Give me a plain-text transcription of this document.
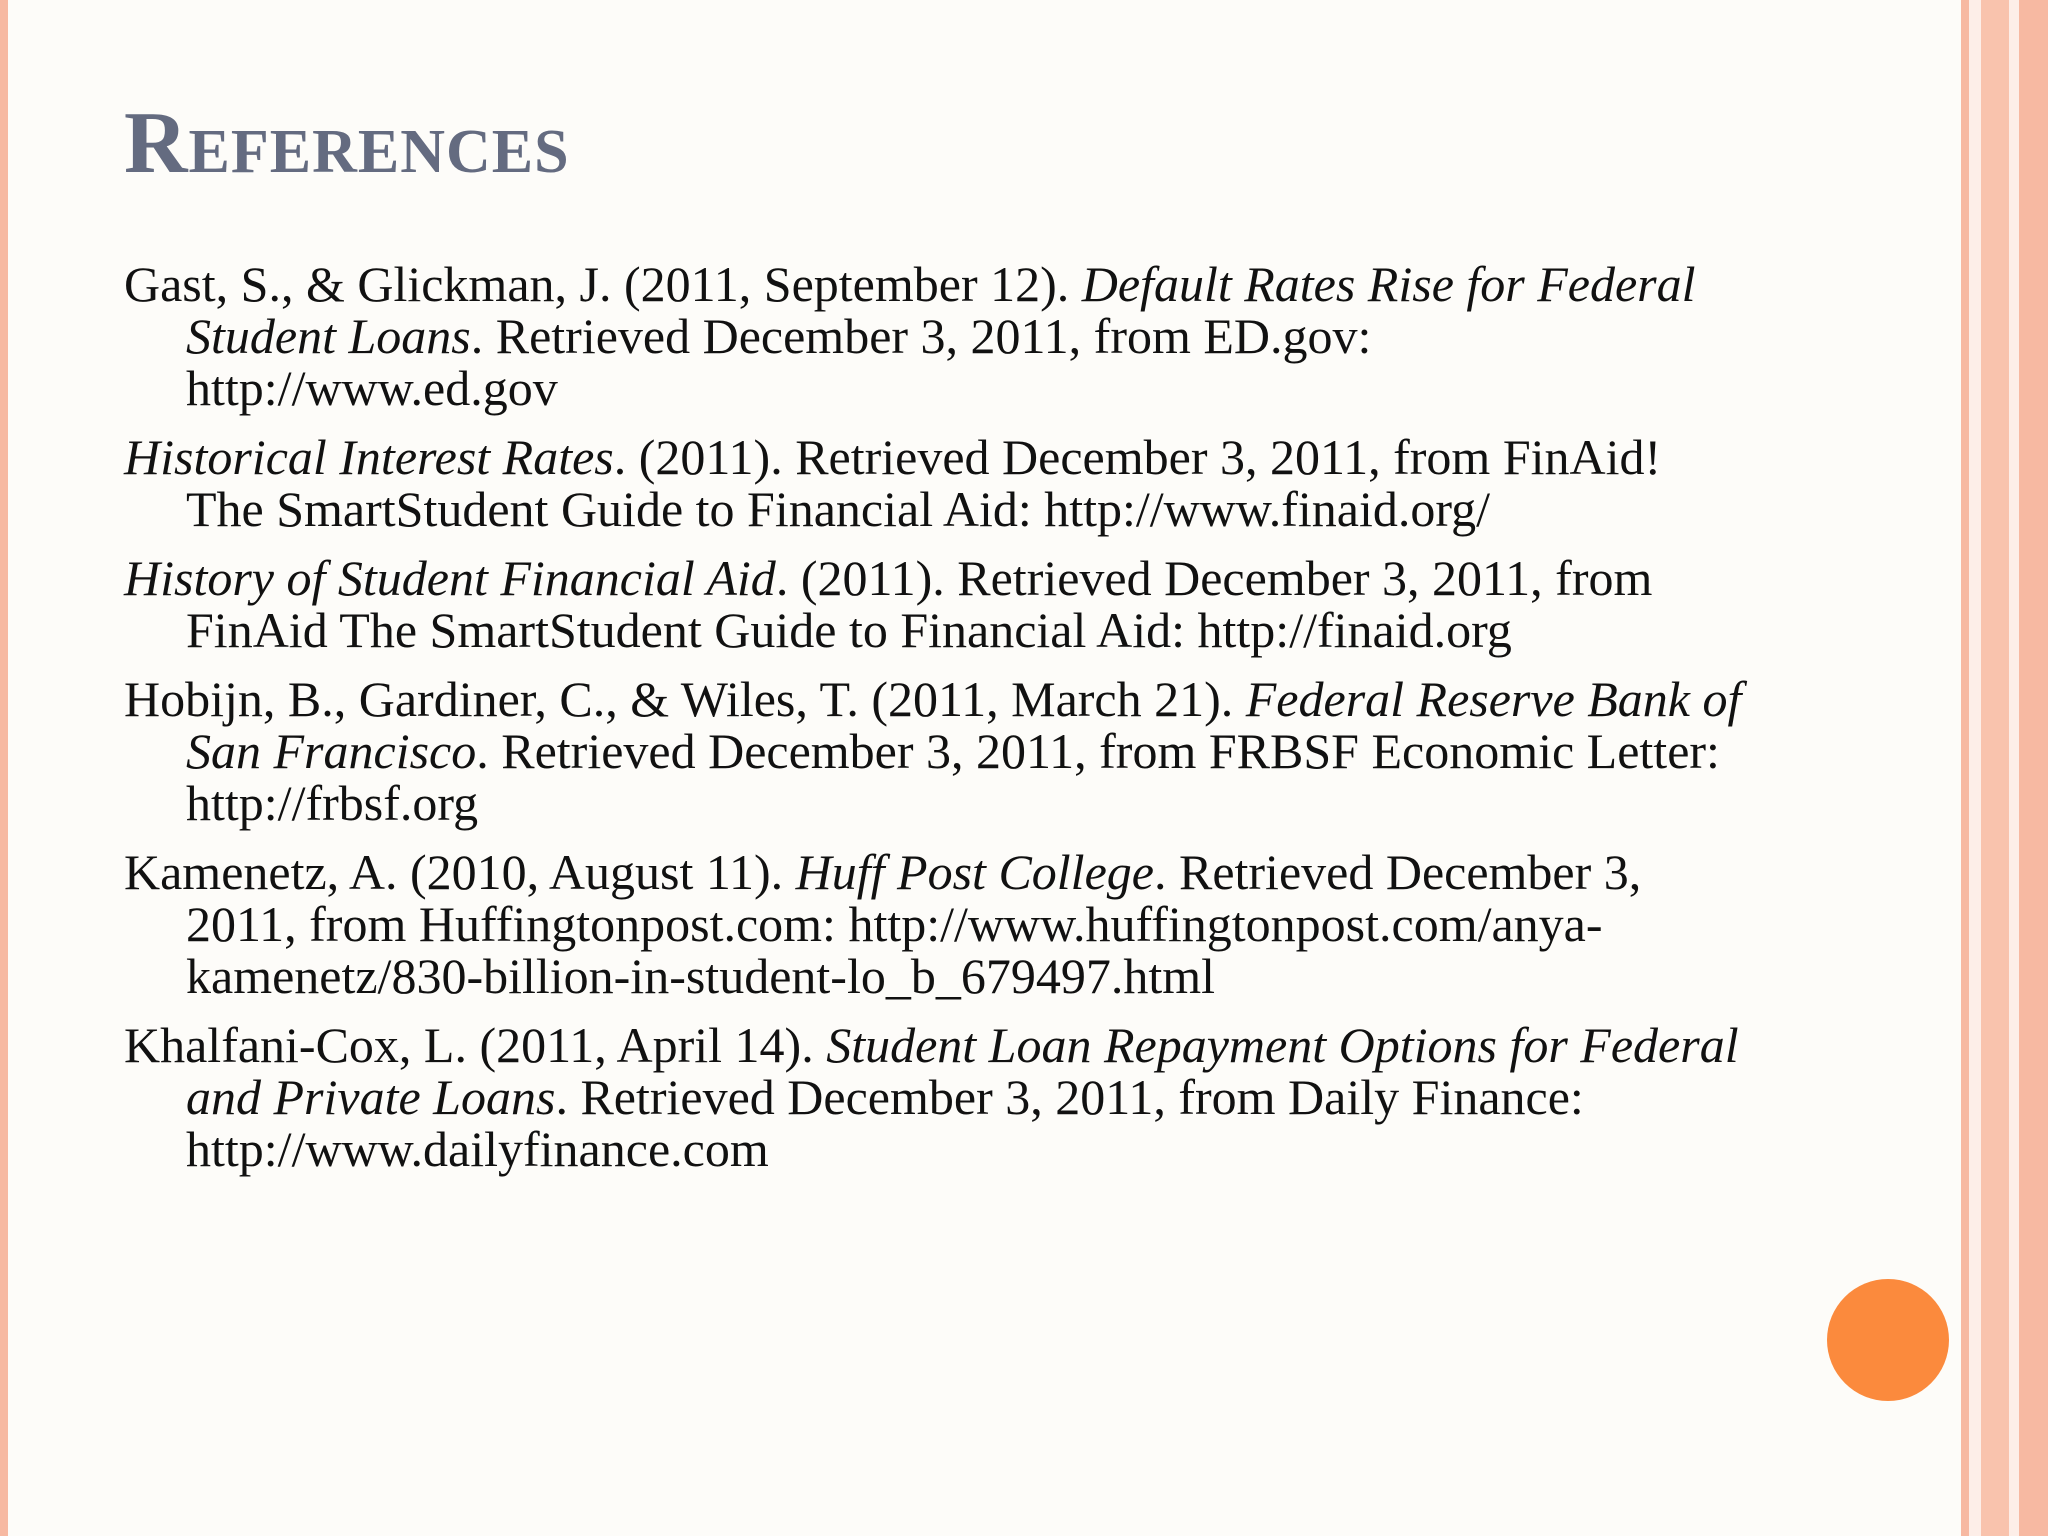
References
Gast, S., & Glickman, J. (2011, September 12). Default Rates Rise for Federal Student Loans. Retrieved December 3, 2011, from ED.gov: http://www.ed.gov
Historical Interest Rates. (2011). Retrieved December 3, 2011, from FinAid! The SmartStudent Guide to Financial Aid: http://www.finaid.org/
History of Student Financial Aid. (2011). Retrieved December 3, 2011, from FinAid The SmartStudent Guide to Financial Aid: http://finaid.org
Hobijn, B., Gardiner, C., & Wiles, T. (2011, March 21). Federal Reserve Bank of San Francisco. Retrieved December 3, 2011, from FRBSF Economic Letter: http://frbsf.org
Kamenetz, A. (2010, August 11). Huff Post College. Retrieved December 3, 2011, from Huffingtonpost.com: http://www.huffingtonpost.com/anya-kamenetz/830-billion-in-student-lo_b_679497.html
Khalfani-Cox, L. (2011, April 14). Student Loan Repayment Options for Federal and Private Loans. Retrieved December 3, 2011, from Daily Finance: http://www.dailyfinance.com
